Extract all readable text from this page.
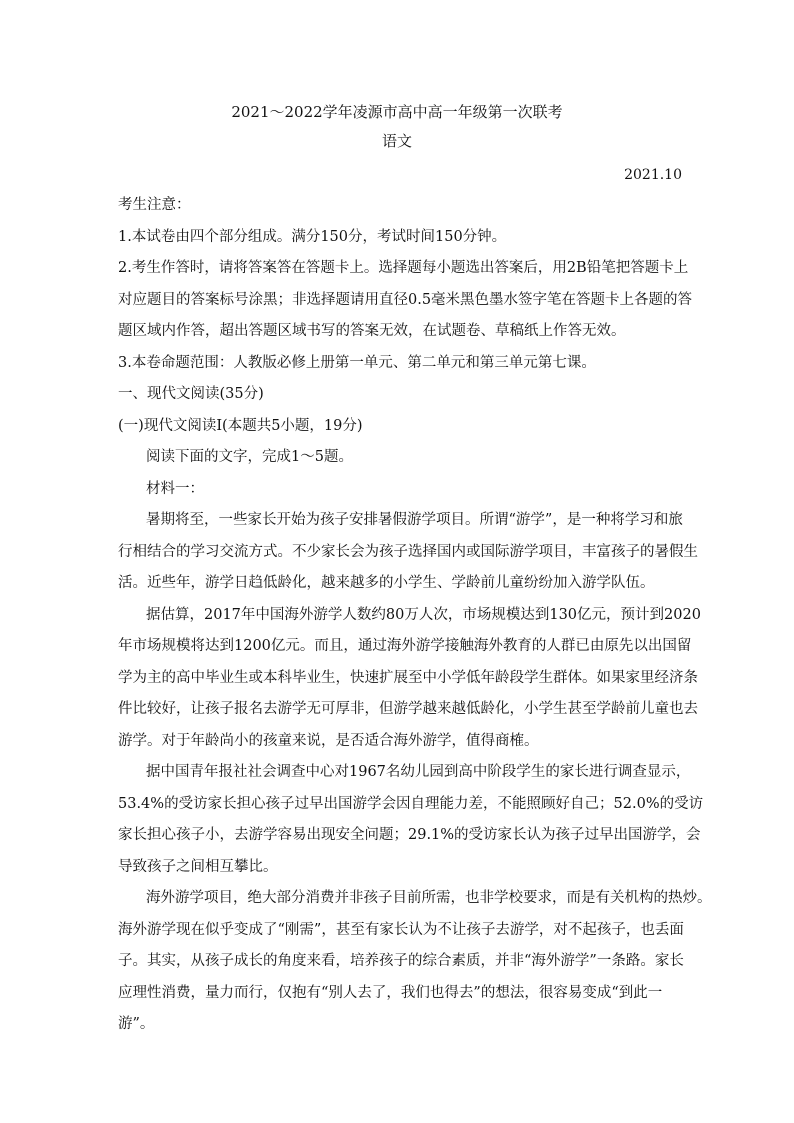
2021～2022学年凌源市高中高一年级第一次联考
语文
2021.10
考生注意：
1.本试卷由四个部分组成。满分150分，考试时间150分钟。
2.考生作答时，请将答案答在答题卡上。选择题每小题选出答案后，用2B铅笔把答题卡上
对应题目的答案标号涂黑；非选择题请用直径0.5毫米黑色墨水签字笔在答题卡上各题的答
题区域内作答，超出答题区域书写的答案无效，在试题卷、草稿纸上作答无效。
3.本卷命题范围：人教版必修上册第一单元、第二单元和第三单元第七课。
一、现代文阅读(35分)
(一)现代文阅读Ⅰ(本题共5小题，19分)
阅读下面的文字，完成1～5题。
材料一：
暑期将至，一些家长开始为孩子安排暑假游学项目。所谓“游学”，是一种将学习和旅
行相结合的学习交流方式。不少家长会为孩子选择国内或国际游学项目，丰富孩子的暑假生
活。近些年，游学日趋低龄化，越来越多的小学生、学龄前儿童纷纷加入游学队伍。
据估算，2017年中国海外游学人数约80万人次，市场规模达到130亿元，预计到2020
年市场规模将达到1200亿元。而且，通过海外游学接触海外教育的人群已由原先以出国留
学为主的高中毕业生或本科毕业生，快速扩展至中小学低年龄段学生群体。如果家里经济条
件比较好，让孩子报名去游学无可厚非，但游学越来越低龄化，小学生甚至学龄前儿童也去
游学。对于年龄尚小的孩童来说，是否适合海外游学，值得商榷。
据中国青年报社社会调查中心对1967名幼儿园到高中阶段学生的家长进行调查显示，
53.4%的受访家长担心孩子过早出国游学会因自理能力差，不能照顾好自己；52.0%的受访
家长担心孩子小，去游学容易出现安全问题；29.1%的受访家长认为孩子过早出国游学，会
导致孩子之间相互攀比。
海外游学项目，绝大部分消费并非孩子目前所需，也非学校要求，而是有关机构的热炒。
海外游学现在似乎变成了“刚需”，甚至有家长认为不让孩子去游学，对不起孩子，也丢面
子。其实，从孩子成长的角度来看，培养孩子的综合素质，并非“海外游学”一条路。家长
应理性消费，量力而行，仅抱有“别人去了，我们也得去”的想法，很容易变成“到此一
游”。
